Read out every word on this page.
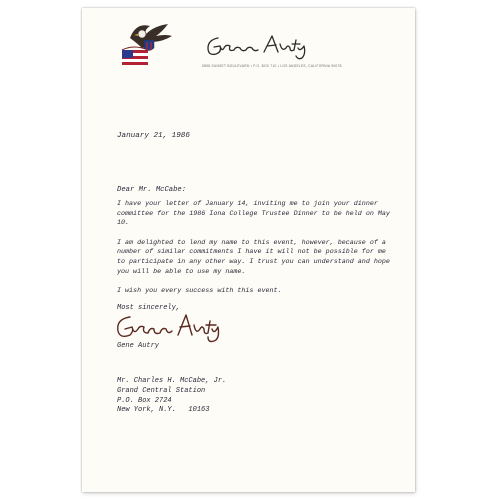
5858 SUNSET BOULEVARD • P.O. BOX 710 • LOS ANGELES, CALIFORNIA 90078
January 21, 1986
Dear Mr. McCabe:

I have your letter of January 14, inviting me to join your dinner committee for the 1986 Iona College Trustee Dinner to be held on May 10.

I am delighted to lend my name to this event, however, because of a number of similar commitments I have it will not be possible for me to participate in any other way. I trust you can understand and hope you will be able to use my name.

I wish you every success with this event.

Most sincerely,
Gene Autry
Mr. Charles H. McCabe, Jr.
Grand Central Station
P.O. Box 2724
New York, N.Y.   10163
